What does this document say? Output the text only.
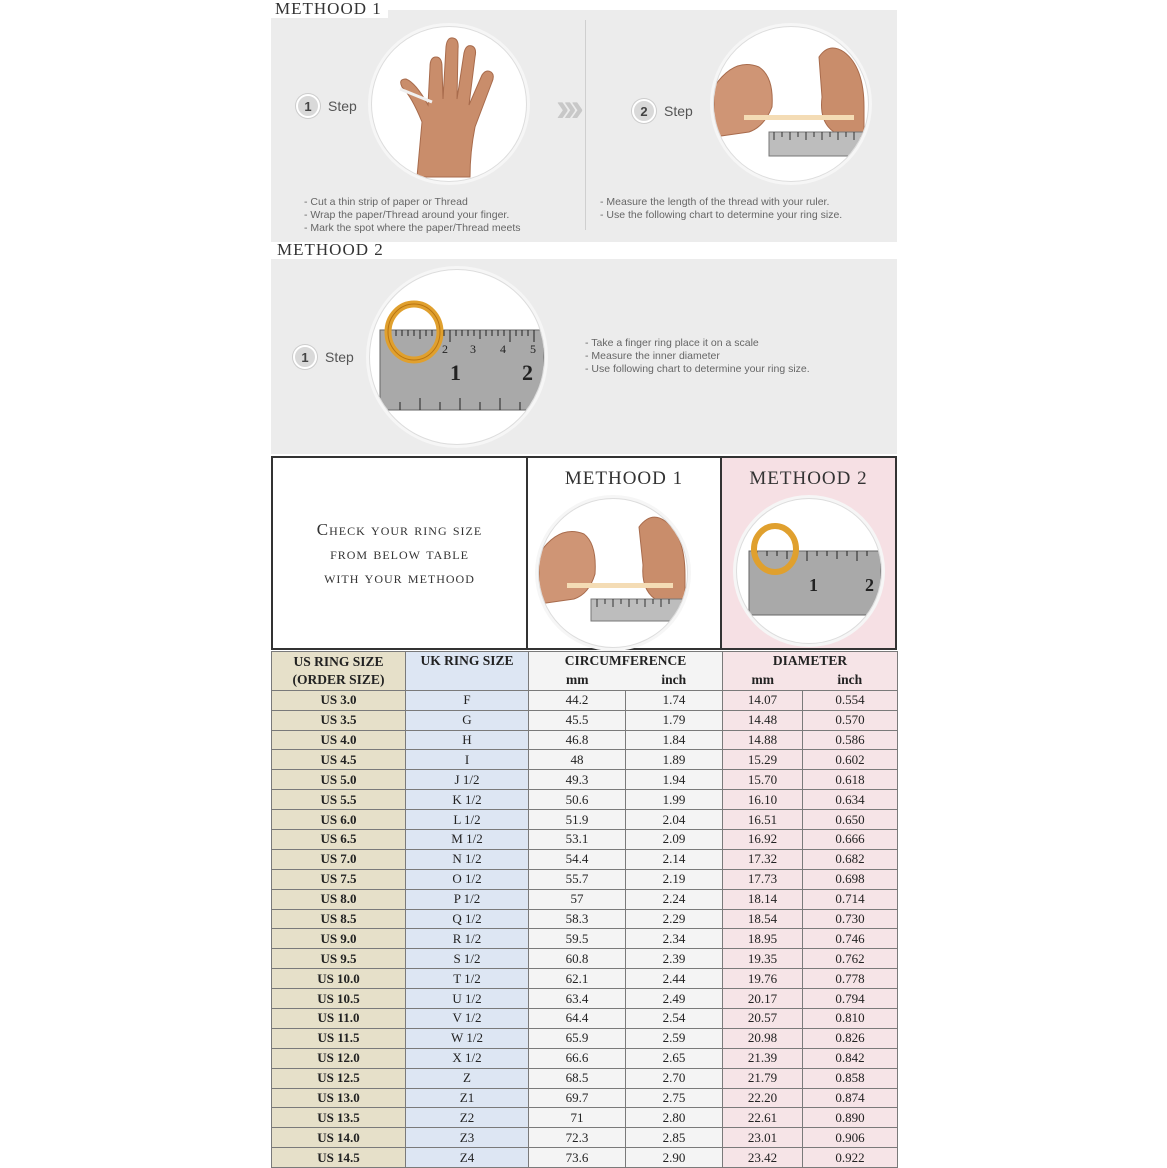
METHOOD 1
1	Step	›››	2	Step
- Cut a thin strip of paper or Thread
- Wrap the paper/Thread around your finger.
- Mark the spot where the paper/Thread meets
- Measure the length of the thread with your ruler.
- Use the following chart to determine your ring size.
METHOOD 2
2 3 4 5
1	2
1	Step
- Take a finger ring place it on a scale
- Measure the inner diameter
- Use following chart to determine your ring size.
Check your ring size
from below table
with your methood
METHOOD 1	METHOOD 2
1	2
US RING SIZE
(ORDER SIZE)	UK RING SIZE	CIRCUMFERENCE		DIAMETER	
		mm	inch	mm	inch
US 3.0	F	44.2	1.74	14.07	0.554
US 3.5	G	45.5	1.79	14.48	0.570
US 4.0	H	46.8	1.84	14.88	0.586
US 4.5	I	48	1.89	15.29	0.602
US 5.0	J 1/2	49.3	1.94	15.70	0.618
US 5.5	K 1/2	50.6	1.99	16.10	0.634
US 6.0	L 1/2	51.9	2.04	16.51	0.650
US 6.5	M 1/2	53.1	2.09	16.92	0.666
US 7.0	N 1/2	54.4	2.14	17.32	0.682
US 7.5	O 1/2	55.7	2.19	17.73	0.698
US 8.0	P 1/2	57	2.24	18.14	0.714
US 8.5	Q 1/2	58.3	2.29	18.54	0.730
US 9.0	R 1/2	59.5	2.34	18.95	0.746
US 9.5	S 1/2	60.8	2.39	19.35	0.762
US 10.0	T 1/2	62.1	2.44	19.76	0.778
US 10.5	U 1/2	63.4	2.49	20.17	0.794
US 11.0	V 1/2	64.4	2.54	20.57	0.810
US 11.5	W 1/2	65.9	2.59	20.98	0.826
US 12.0	X 1/2	66.6	2.65	21.39	0.842
US 12.5	Z	68.5	2.70	21.79	0.858
US 13.0	Z1	69.7	2.75	22.20	0.874
US 13.5	Z2	71	2.80	22.61	0.890
US 14.0	Z3	72.3	2.85	23.01	0.906
US 14.5	Z4	73.6	2.90	23.42	0.922
